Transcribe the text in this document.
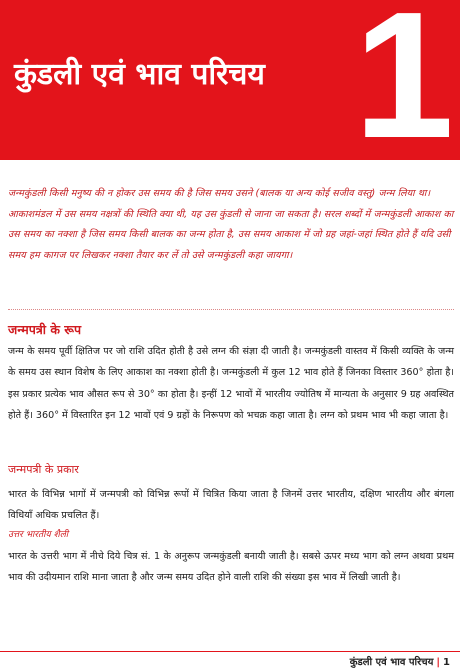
कुंडली एवं भाव परिचय 1
जन्मकुंडली किसी मनुष्य की न होकर उस समय की है जिस समय उसने (बालक या अन्य कोई सजीव वस्तु) जन्म लिया था। आकाशमंडल में उस समय नक्षत्रों की स्थिति क्या थी, यह उस कुंडली से जाना जा सकता है। सरल शब्दों में जन्मकुंडली आकाश का उस समय का नक्शा है जिस समय किसी बालक का जन्म होता है, उस समय आकाश में जो ग्रह जहां-जहां स्थित होते हैं यदि उसी समय हम कागज पर लिखकर नक्शा तैयार कर लें तो उसे जन्मकुंडली कहा जायगा।
जन्मपत्री के रूप
जन्म के समय पूर्वी क्षितिज पर जो राशि उदित होती है उसे लग्न की संज्ञा दी जाती है। जन्मकुंडली वास्तव में किसी व्यक्ति के जन्म के समय उस स्थान विशेष के लिए आकाश का नक्शा होती है। जन्मकुंडली में कुल 12 भाव होते हैं जिनका विस्तार 360° होता है। इस प्रकार प्रत्येक भाव औसत रूप से 30° का होता है। इन्हीं 12 भावों में भारतीय ज्योतिष में मान्यता के अनुसार 9 ग्रह अवस्थित होते हैं। 360° में विस्तारित इन 12 भावों एवं 9 ग्रहों के निरूपण को भचक्र कहा जाता है। लग्न को प्रथम भाव भी कहा जाता है।
जन्मपत्री के प्रकार
भारत के विभिन्न भागों में जन्मपत्री को विभिन्न रूपों में चित्रित किया जाता है जिनमें उत्तर भारतीय, दक्षिण भारतीय और बंगला विधियाँ अधिक प्रचलित हैं।
उत्तर भारतीय शैली
भारत के उत्तरी भाग में नीचे दिये चित्र सं. 1 के अनुरूप जन्मकुंडली बनायी जाती है। सबसे ऊपर मध्य भाग को लग्न अथवा प्रथम भाव की उदीयमान राशि माना जाता है और जन्म समय उदित होने वाली राशि की संख्या इस भाव में लिखी जाती है।
कुंडली एवं भाव परिचय | 1
